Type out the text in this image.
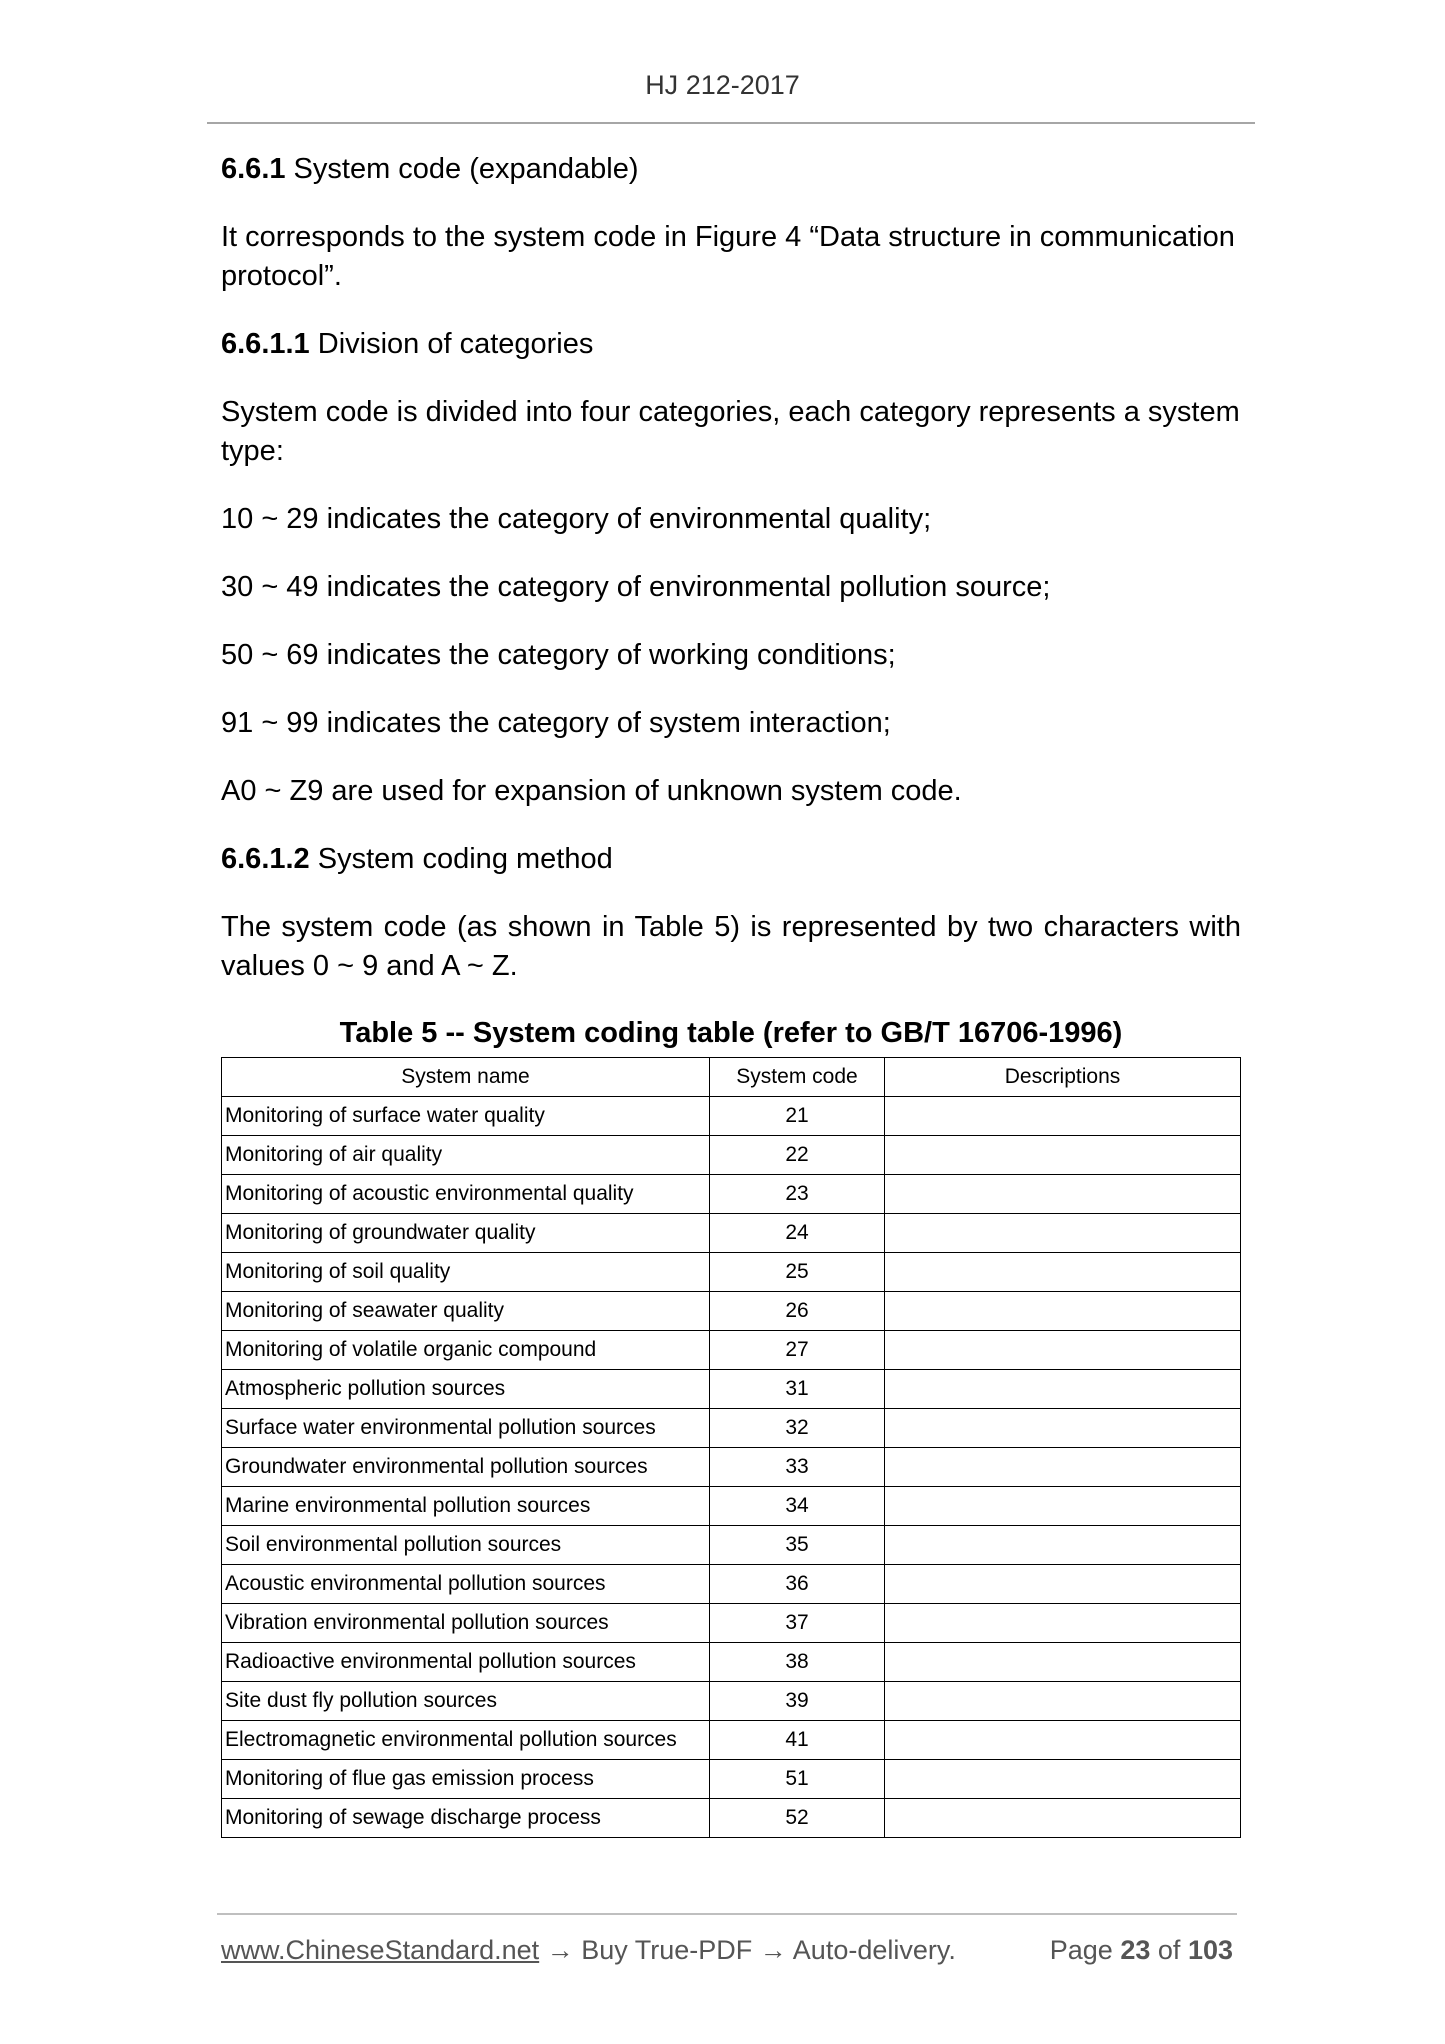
HJ 212-2017

6.6.1 System code (expandable)

It corresponds to the system code in Figure 4 “Data structure in communication protocol”.

6.6.1.1 Division of categories

System code is divided into four categories, each category represents a system type:

10 ~ 29 indicates the category of environmental quality;

30 ~ 49 indicates the category of environmental pollution source;

50 ~ 69 indicates the category of working conditions;

91 ~ 99 indicates the category of system interaction;

A0 ~ Z9 are used for expansion of unknown system code.

6.6.1.2 System coding method

The system code (as shown in Table 5) is represented by two characters with values 0 ~ 9 and A ~ Z.

Table 5 -- System coding table (refer to GB/T 16706-1996)
System name	System code	Descriptions
Monitoring of surface water quality	21	
Monitoring of air quality	22	
Monitoring of acoustic environmental quality	23	
Monitoring of groundwater quality	24	
Monitoring of soil quality	25	
Monitoring of seawater quality	26	
Monitoring of volatile organic compound	27	
Atmospheric pollution sources	31	
Surface water environmental pollution sources	32	
Groundwater environmental pollution sources	33	
Marine environmental pollution sources	34	
Soil environmental pollution sources	35	
Acoustic environmental pollution sources	36	
Vibration environmental pollution sources	37	
Radioactive environmental pollution sources	38	
Site dust fly pollution sources	39	
Electromagnetic environmental pollution sources	41	
Monitoring of flue gas emission process	51	
Monitoring of sewage discharge process	52	
www.ChineseStandard.net → Buy True-PDF → Auto-delivery.	Page 23 of 103
